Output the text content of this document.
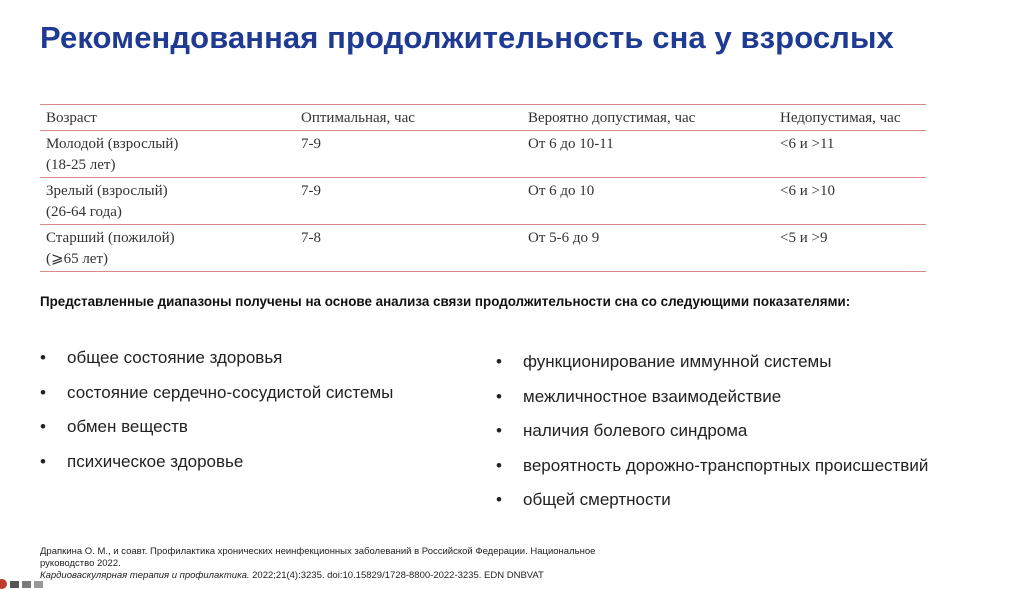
Рекомендованная продолжительность сна у взрослых
Возраст	Оптимальная, час	Вероятно допустимая, час	Недопустимая, час
Молодой (взрослый)
(18-25 лет)	7-9	От 6 до 10-11	<6 и >11
Зрелый (взрослый)
(26-64 года)	7-9	От 6 до 10	<6 и >10
Старший (пожилой)
(⩾65 лет)	7-8	От 5-6 до 9	<5 и >9
Представленные диапазоны получены на основе анализа связи продолжительности сна со следующими показателями:
• общее состояние здоровья
• состояние сердечно-сосудистой системы
• обмен веществ
• психическое здоровье
• функционирование иммунной системы
• межличностное взаимодействие
• наличия болевого синдрома
• вероятность дорожно-транспортных происшествий
• общей смертности
Драпкина О. М., и соавт. Профилактика хронических неинфекционных заболеваний в Российской Федерации. Национальное
руководство 2022.
Кардиоваскулярная терапия и профилактика. 2022;21(4):3235. doi:10.15829/1728-8800-2022-3235. EDN DNBVAT
